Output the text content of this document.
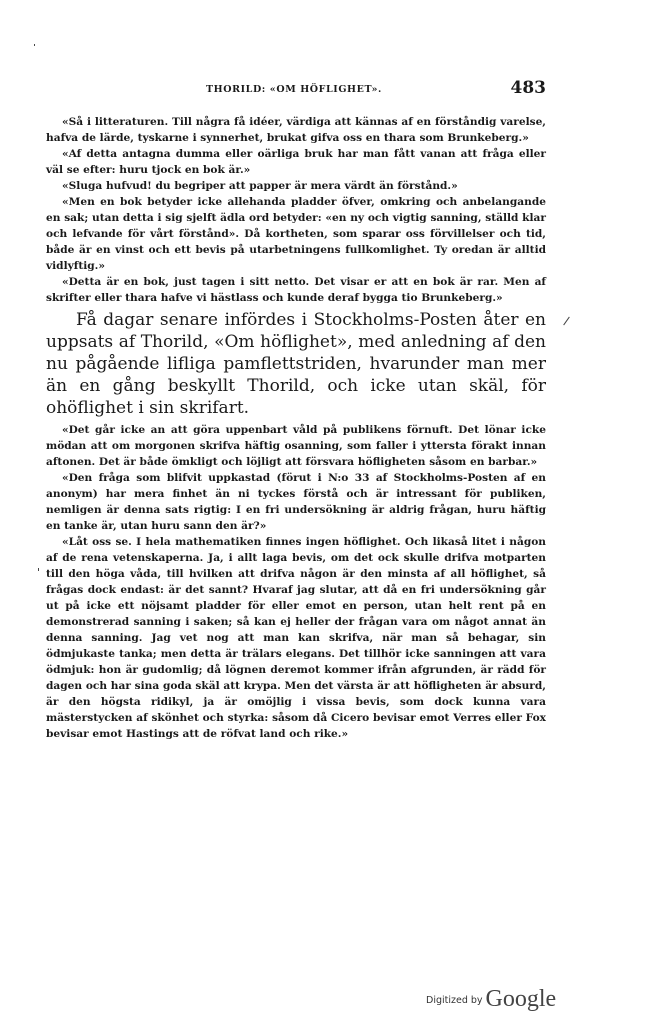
THORILD: «OM HÖFLIGHET».	483

«Så i litteraturen. Till några få idéer, värdiga att kännas af en förståndig varelse, hafva de lärde, tyskarne i synnerhet, brukat gifva oss en thara som Brunkeberg.»

«Af detta antagna dumma eller oärliga bruk har man fått vanan att fråga eller väl se efter: huru tjock en bok är.»

«Sluga hufvud! du begriper att papper är mera värdt än förstånd.»

«Men en bok betyder icke allehanda pladder öfver, omkring och anbelangande en sak; utan detta i sig sjelft ädla ord betyder: «en ny och vigtig sanning, ställd klar och lefvande för vårt förstånd». Då kortheten, som sparar oss förvillelser och tid, både är en vinst och ett bevis på utarbetningens fullkomlighet. Ty oredan är alltid vidlyftig.»

«Detta är en bok, just tagen i sitt netto. Det visar er att en bok är rar. Men af skrifter eller thara hafve vi hästlass och kunde deraf bygga tio Brunkeberg.»

Få dagar senare infördes i Stockholms-Posten åter en uppsats af Thorild, «Om höflighet», med anledning af den nu pågående lifliga pamflettstriden, hvarunder man mer än en gång beskyllt Thorild, och icke utan skäl, för ohöflighet i sin skrifart.

«Det går icke an att göra uppenbart våld på publikens förnuft. Det lönar icke mödan att om morgonen skrifva häftig osanning, som faller i yttersta förakt innan aftonen. Det är både ömkligt och löjligt att försvara höfligheten såsom en barbar.»

«Den fråga som blifvit uppkastad (förut i N:o 33 af Stockholms-Posten af en anonym) har mera finhet än ni tyckes förstå och är intressant för publiken, nemligen är denna sats rigtig: I en fri undersökning är aldrig frågan, huru häftig en tanke är, utan huru sann den är?»

«Låt oss se. I hela mathematiken finnes ingen höflighet. Och likaså litet i någon af de rena vetenskaperna. Ja, i allt laga bevis, om det ock skulle drifva motparten till den höga våda, till hvilken att drifva någon är den minsta af all höflighet, så frågas dock endast: är det sannt? Hvaraf jag slutar, att då en fri undersökning går ut på icke ett nöjsamt pladder för eller emot en person, utan helt rent på en demonstrerad sanning i saken; så kan ej heller der frågan vara om något annat än denna sanning. Jag vet nog att man kan skrifva, när man så behagar, sin ödmjukaste tanka; men detta är trälars elegans. Det tillhör icke sanningen att vara ödmjuk: hon är gudomlig; då lögnen deremot kommer ifrån afgrunden, är rädd för dagen och har sina goda skäl att krypa. Men det värsta är att höfligheten är absurd, är den högsta ridikyl, ja är omöjlig i vissa bevis, som dock kunna vara mästerstycken af skönhet och styrka: såsom då Cicero bevisar emot Verres eller Fox bevisar emot Hastings att de röfvat land och rike.»

Digitized by Google
